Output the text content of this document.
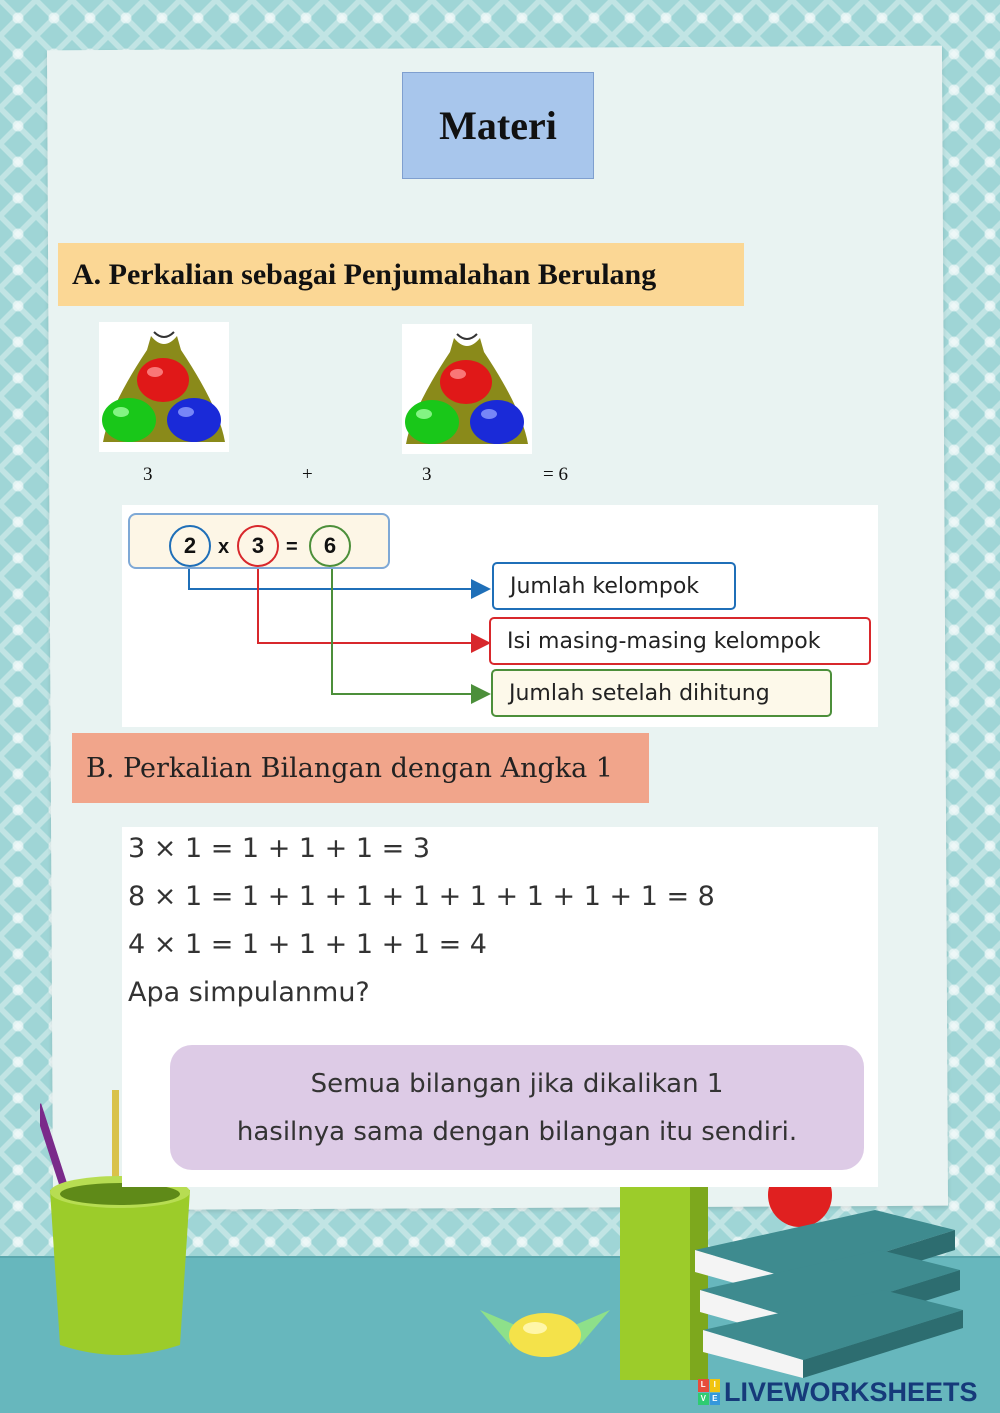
Materi
A. Perkalian sebagai Penjumalahan Berulang
3	+	3	= 6
2	x	3	=	6
Jumlah kelompok
Isi masing-masing kelompok
Jumlah setelah dihitung
B. Perkalian Bilangan dengan Angka 1
3 × 1 = 1 + 1 + 1 = 3
8 × 1 = 1 + 1 + 1 + 1 + 1 + 1 + 1 + 1 = 8
4 × 1 = 1 + 1 + 1 + 1 = 4
Apa simpulanmu?
Semua bilangan jika dikalikan 1
hasilnya sama dengan bilangan itu sendiri.
L I
V E LIVEWORKSHEETS
